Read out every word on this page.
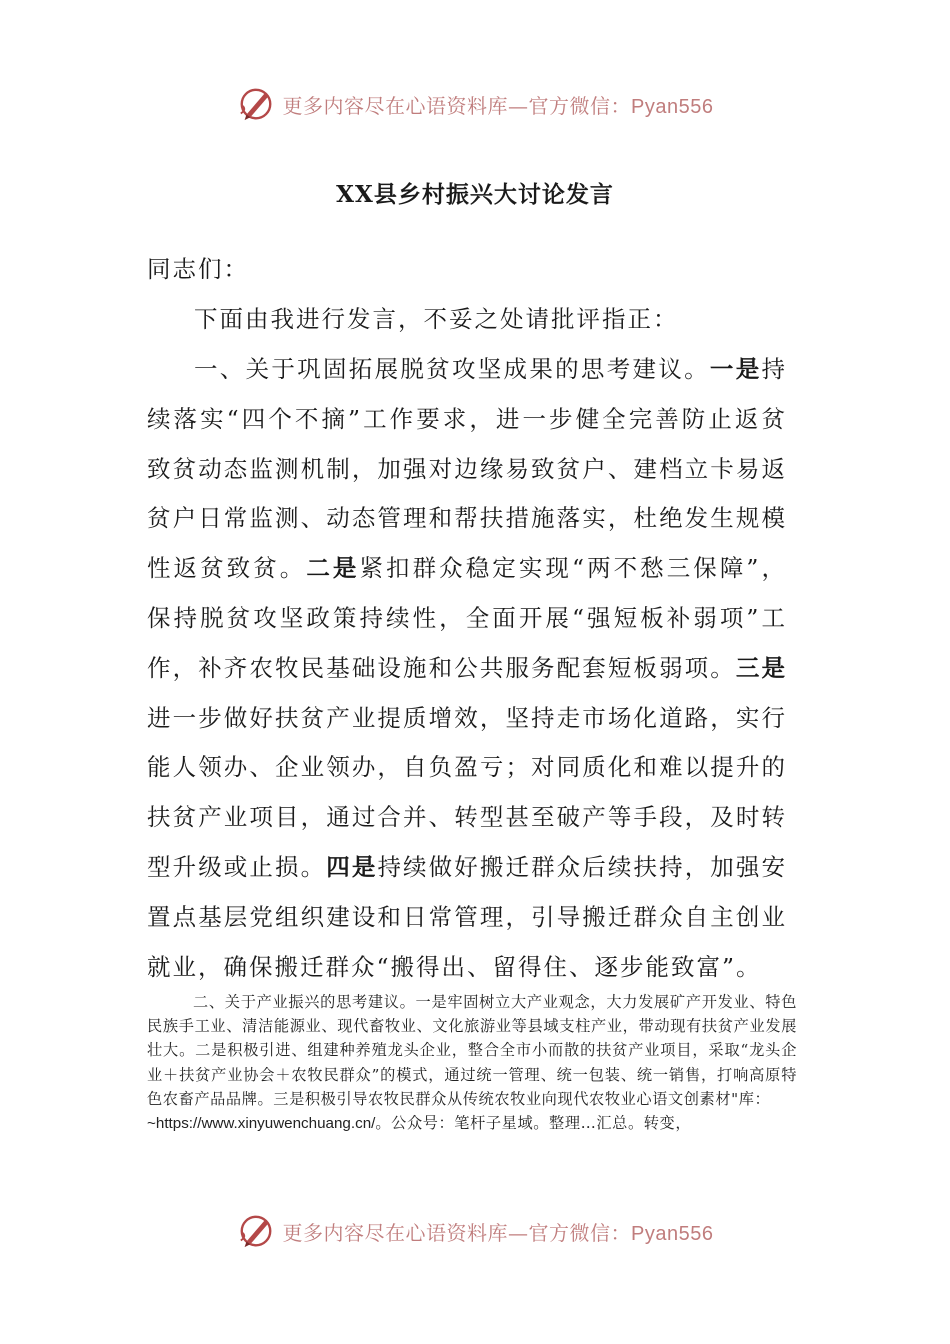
更多内容尽在心语资料库—官方微信：Pyan556
XX县乡村振兴大讨论发言
同志们：
下面由我进行发言，不妥之处请批评指正：
一、关于巩固拓展脱贫攻坚成果的思考建议。一是持续落实“四个不摘”工作要求，进一步健全完善防止返贫致贫动态监测机制，加强对边缘易致贫户、建档立卡易返贫户日常监测、动态管理和帮扶措施落实，杜绝发生规模性返贫致贫。二是紧扣群众稳定实现“两不愁三保障”，保持脱贫攻坚政策持续性，全面开展“强短板补弱项”工作，补齐农牧民基础设施和公共服务配套短板弱项。三是进一步做好扶贫产业提质增效，坚持走市场化道路，实行能人领办、企业领办，自负盈亏；对同质化和难以提升的扶贫产业项目，通过合并、转型甚至破产等手段，及时转型升级或止损。四是持续做好搬迁群众后续扶持，加强安置点基层党组织建设和日常管理，引导搬迁群众自主创业就业，确保搬迁群众“搬得出、留得住、逐步能致富”。
二、关于产业振兴的思考建议。一是牢固树立大产业观念，大力发展矿产开发业、特色民族手工业、清洁能源业、现代畜牧业、文化旅游业等县域支柱产业，带动现有扶贫产业发展壮大。二是积极引进、组建种养殖龙头企业，整合全市小而散的扶贫产业项目，采取“龙头企业＋扶贫产业协会＋农牧民群众”的模式，通过统一管理、统一包装、统一销售，打响高原特色农畜产品品牌。三是积极引导农牧民群众从传统农牧业向现代农牧业心语文创素材"库：
~https://www.xinyuwenchuang.cn/。公众号：笔杆子星域。整理…汇总。转变，
更多内容尽在心语资料库—官方微信：Pyan556
